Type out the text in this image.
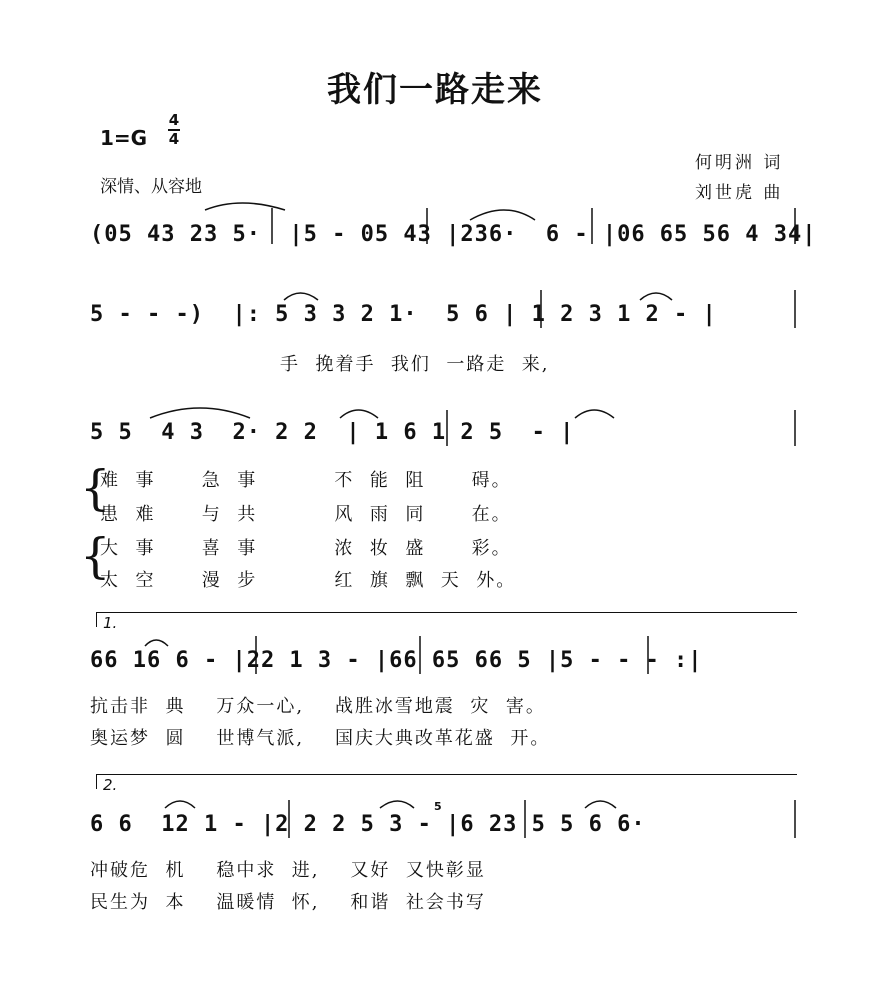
我们一路走来
1=G
4
4
深情、从容地
何明洲 词
刘世虎 曲
(05 43 23 5·  |5 - 05 43 |236·  6 - |06 65 56 4 34|
5 - - -)  |: 5 3 3 2 1·  5 6 | 1 2 3 1 2 - |
手  挽着手  我们  一路走  来,
5 5  4 3  2· 2 2  | 1 6 1 2 5  - |
{
{
难  事      急  事          不  能  阻      碍。
患  难      与  共          风  雨  同      在。
大  事      喜  事          浓  妆  盛      彩。
太  空      漫  步          红  旗  飘  天  外。
1.
66 16 6 - |22 1 3 - |66 65 66 5 |5 - - - :|
抗击非  典    万众一心,    战胜冰雪地震  灾  害。
奥运梦  圆    世博气派,    国庆大典改革花盛  开。
2.
6 6  12 1 - |2 2 2 5 3 - |6 23 5 5 6 6·
5
冲破危  机    稳中求  进,    又好  又快彰显
民生为  本    温暖情  怀,    和谐  社会书写
